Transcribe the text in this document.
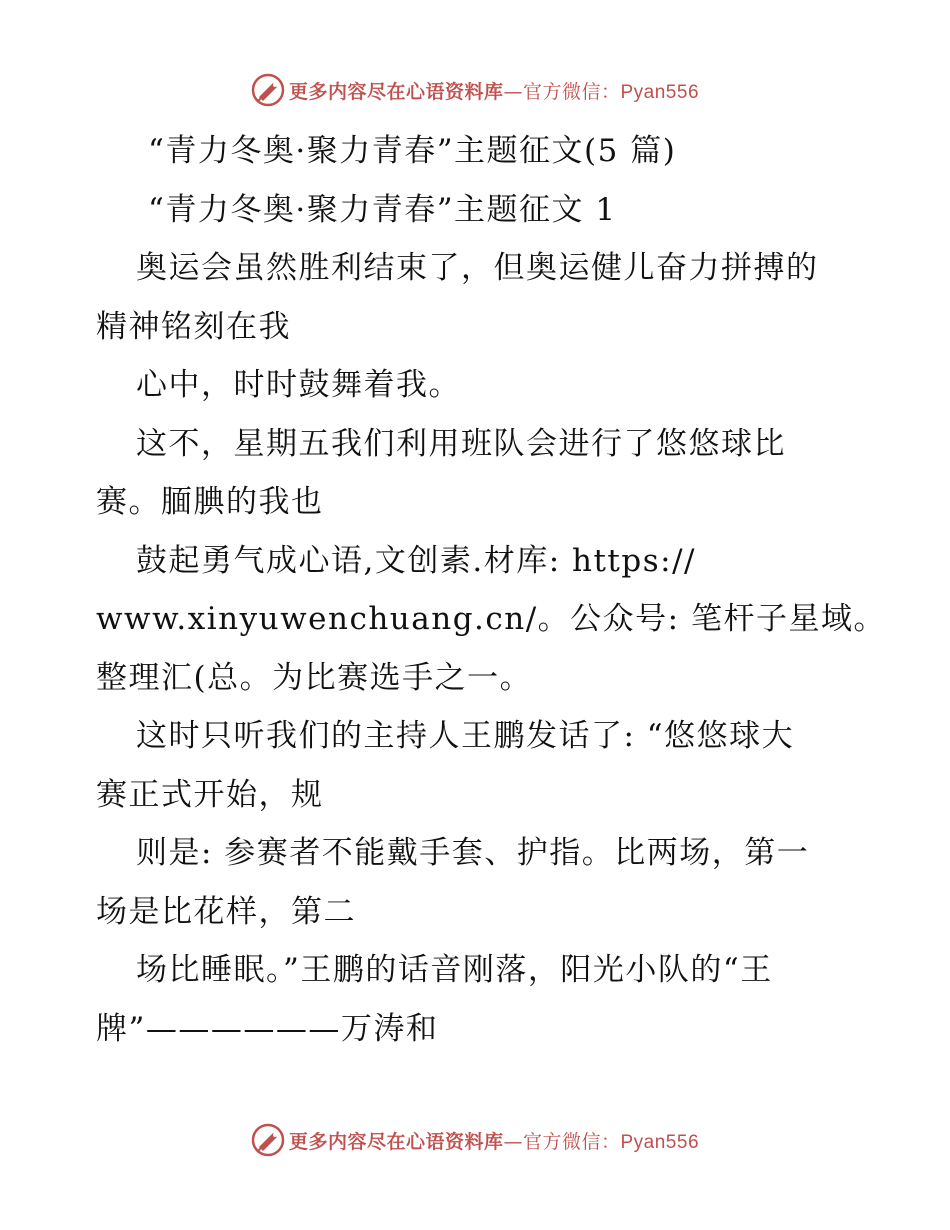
更多内容尽在心语资料库—官方微信：Pyan556
“青力冬奥·聚力青春”主题征文(5 篇)
“青力冬奥·聚力青春”主题征文 1
奥运会虽然胜利结束了，但奥运健儿奋力拼搏的
精神铭刻在我
心中，时时鼓舞着我。
这不，星期五我们利用班队会进行了悠悠球比
赛。腼腆的我也
鼓起勇气成心语,文创素.材库: https://
www.xinyuwenchuang.cn/。公众号: 笔杆子星域。
整理汇(总。为比赛选手之一。
这时只听我们的主持人王鹏发话了: “悠悠球大
赛正式开始，规
则是: 参赛者不能戴手套、护指。比两场，第一
场是比花样，第二
场比睡眠。”王鹏的话音刚落，阳光小队的“王
牌”——————万涛和
更多内容尽在心语资料库—官方微信：Pyan556
